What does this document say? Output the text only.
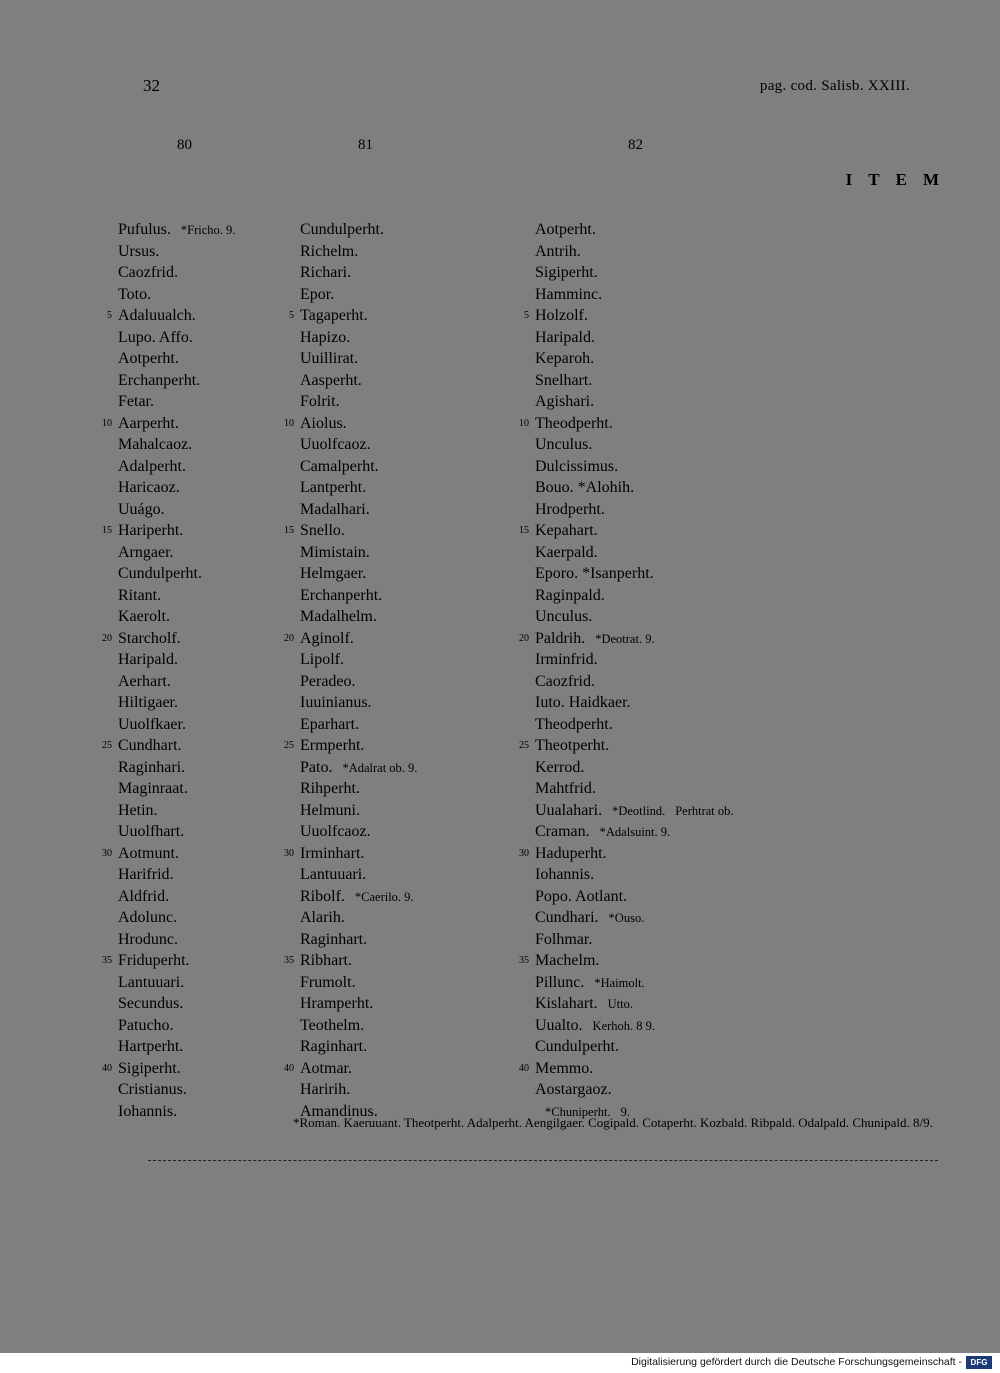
32	pag. cod. Salisb. XXIII.
80	81	82
ITEM
Pufulus. *Fricho. 9.
Ursus.
Caozfrid.
Toto.
5 Adaluualch.
Lupo. Affo.
Aotperht.
Erchanperht.
Fetar.
10 Aarperht.
Mahalcaoz.
Adalperht.
Haricaoz.
Uuágo.
15 Hariperht.
Arngaer.
Cundulperht.
Ritant.
Kaerolt.
20 Starcholf.
Haripald.
Aerhart.
Hiltigaer.
Uuolfkaer.
25 Cundhart.
Raginhari.
Maginraat.
Hetin.
Uuolfhart.
30 Aotmunt.
Harifrid.
Aldfrid.
Adolunc.
Hrodunc.
35 Friduperht.
Lantuuari.
Secundus.
Patucho.
Hartperht.
40 Sigiperht.
Cristianus.
Iohannis.
Cundulperht.
Richelm.
Richari.
Epor.
5 Tagaperht.
Hapizo.
Uuillirat.
Aasperht.
Folrit.
10 Aiolus.
Uuolfcaoz.
Camalperht.
Lantperht.
Madalhari.
15 Snello.
Mimistain.
Helmgaer.
Erchanperht.
Madalhelm.
20 Aginolf.
Lipolf.
Peradeo.
Iuuinianus.
Eparhart.
25 Ermperht.
Pato. *Adalrat ob. 9.
Rihperht.
Helmuni.
Uuolfcaoz.
30 Irminhart.
Lantuuari.
Ribolf. *Caerilo. 9.
Alarih.
Raginhart.
35 Ribhart.
Frumolt.
Hramperht.
Teothelm.
Raginhart.
40 Aotmar.
Haririh.
Amandinus.
Aotperht.
Antrih.
Sigiperht.
Hamminc.
5 Holzolf.
Haripald.
Keparoh.
Snelhart.
Agishari.
10 Theodperht.
Unculus.
Dulcissimus.
Bouo. *Alohih.
Hrodperht.
15 Kepahart.
Kaerpald.
Eporo. *Isanperht.
Raginpald.
Unculus.
20 Paldrih. *Deotrat. 9.
Irminfrid.
Caozfrid.
Iuto. Haidkaer.
Theodperht.
25 Theotperht.
Kerrod.
Mahtfrid.
Uualahari. *Deotlind. Perhtrat ob.
Craman. *Adalsuint. 9.
30 Haduperht.
Iohannis.
Popo. Aotlant.
Cundhari. *Ouso.
Folhmar.
35 Machelm.
Pillunc. *Haimolt.
Kislahart. Utto.
Uualto. Kerhoh. 8 9.
Cundulperht.
40 Memmo.
Aostargaoz.
*Chuniperht. 9.
*Roman. Kaeruuant. Theotperht. Adalperht. Aengilgaer. Cogipald. Cotaperht. Kozbald. Ribpald. Odalpald. Chunipald. 8/9.
Digitalisierung gefördert durch die Deutsche Forschungsgemeinschaft -	DFG
